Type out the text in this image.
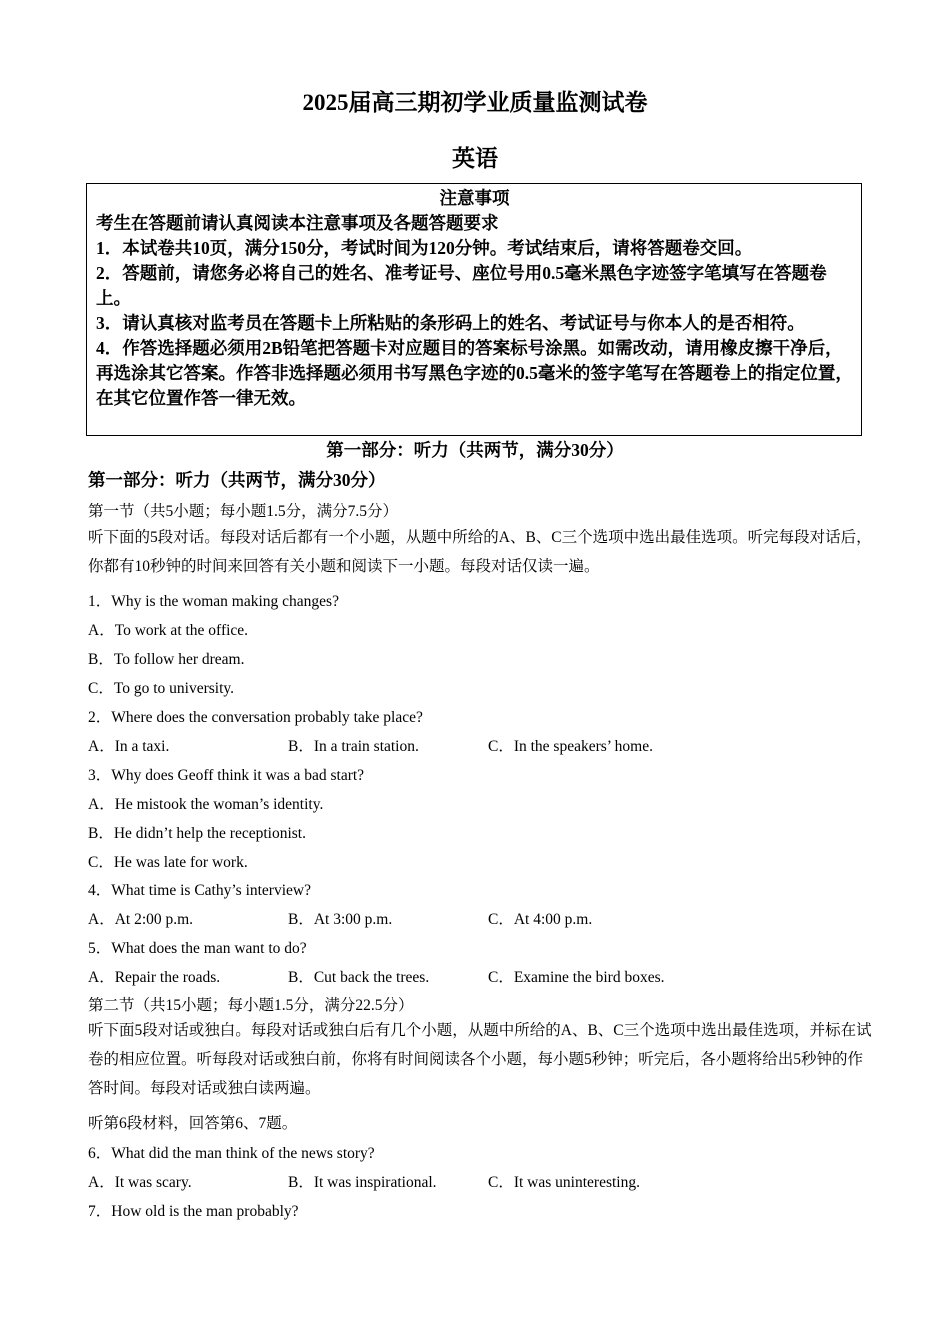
2025届高三期初学业质量监测试卷
英语
注意事项
考生在答题前请认真阅读本注意事项及各题答题要求
1．本试卷共10页，满分150分，考试时间为120分钟。考试结束后，请将答题卷交回。
2．答题前，请您务必将自己的姓名、准考证号、座位号用0.5毫米黑色字迹签字笔填写在答题卷上。
3．请认真核对监考员在答题卡上所粘贴的条形码上的姓名、考试证号与你本人的是否相符。
4．作答选择题必须用2B铅笔把答题卡对应题目的答案标号涂黑。如需改动，请用橡皮擦干净后，再选涂其它答案。作答非选择题必须用书写黑色字迹的0.5毫米的签字笔写在答题卷上的指定位置，在其它位置作答一律无效。
第一部分：听力（共两节，满分30分）
第一部分：听力（共两节，满分30分）
第一节（共5小题；每小题1.5分，满分7.5分）
听下面的5段对话。每段对话后都有一个小题，从题中所给的A、B、C三个选项中选出最佳选项。听完每段对话后，你都有10秒钟的时间来回答有关小题和阅读下一小题。每段对话仅读一遍。
1．Why is the woman making changes?
A．To work at the office.
B．To follow her dream.
C．To go to university.
2．Where does the conversation probably take place?
A．In a taxi.	B．In a train station.	C．In the speakers’ home.
3．Why does Geoff think it was a bad start?
A．He mistook the woman’s identity.
B．He didn’t help the receptionist.
C．He was late for work.
4．What time is Cathy’s interview?
A．At 2:00 p.m.	B．At 3:00 p.m.	C．At 4:00 p.m.
5．What does the man want to do?
A．Repair the roads.	B．Cut back the trees.	C．Examine the bird boxes.
第二节（共15小题；每小题1.5分，满分22.5分）
听下面5段对话或独白。每段对话或独白后有几个小题，从题中所给的A、B、C三个选项中选出最佳选项，并标在试卷的相应位置。听每段对话或独白前，你将有时间阅读各个小题，每小题5秒钟；听完后，各小题将给出5秒钟的作答时间。每段对话或独白读两遍。
听第6段材料，回答第6、7题。
6．What did the man think of the news story?
A．It was scary.	B．It was inspirational.	C．It was uninteresting.
7．How old is the man probably?
